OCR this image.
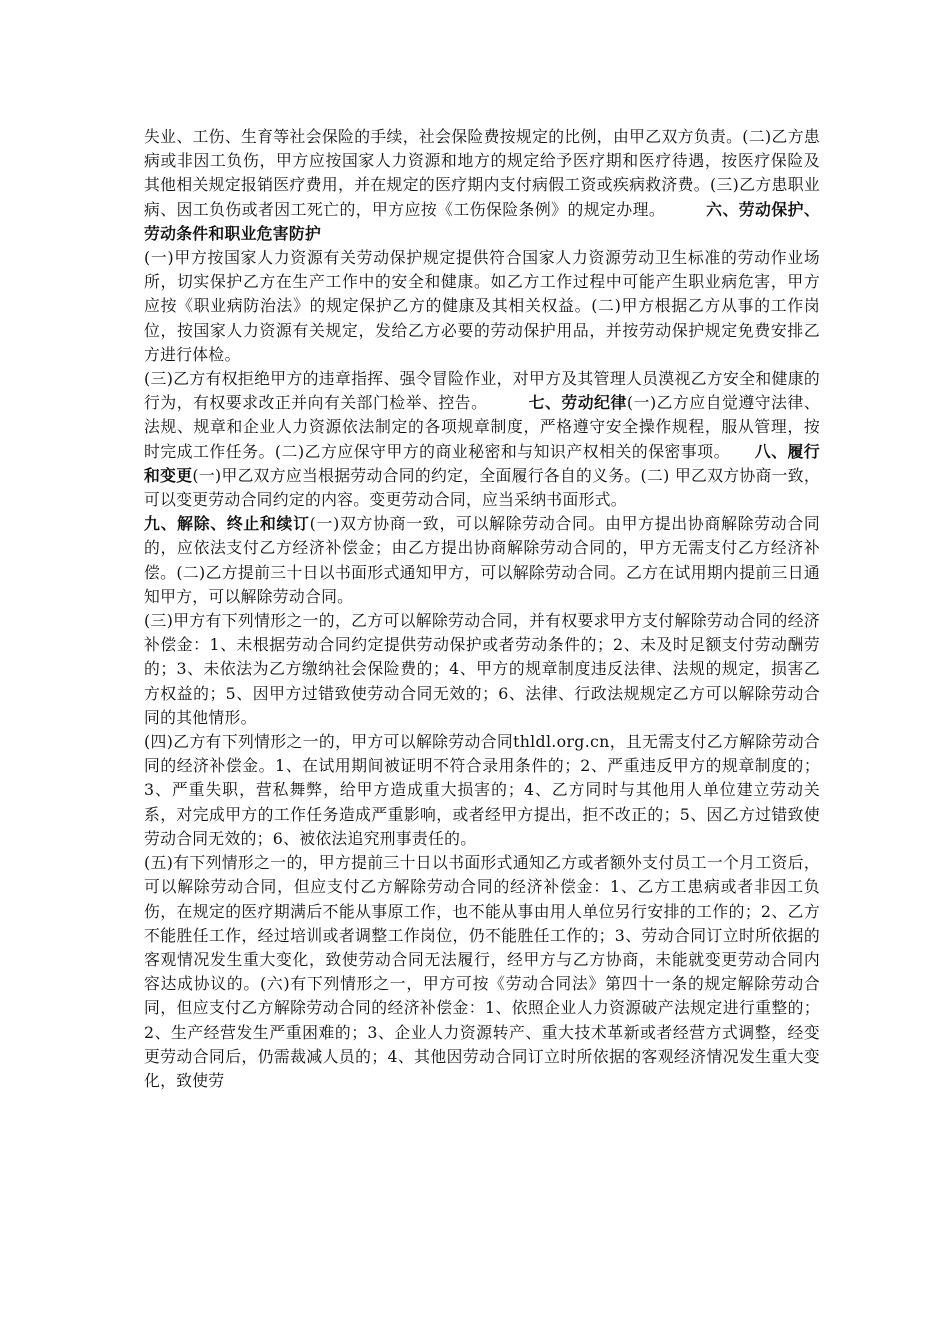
失业、工伤、生育等社会保险的手续，社会保险费按规定的比例，由甲乙双方负责。(二)乙方患病或非因工负伤，甲方应按国家人力资源和地方的规定给予医疗期和医疗待遇，按医疗保险及其他相关规定报销医疗费用，并在规定的医疗期内支付病假工资或疾病救济费。(三)乙方患职业病、因工负伤或者因工死亡的，甲方应按《工伤保险条例》的规定办理。　　　六、劳动保护、劳动条件和职业危害防护

(一)甲方按国家人力资源有关劳动保护规定提供符合国家人力资源劳动卫生标准的劳动作业场所，切实保护乙方在生产工作中的安全和健康。如乙方工作过程中可能产生职业病危害，甲方应按《职业病防治法》的规定保护乙方的健康及其相关权益。(二)甲方根据乙方从事的工作岗位，按国家人力资源有关规定，发给乙方必要的劳动保护用品，并按劳动保护规定免费安排乙方进行体检。

(三)乙方有权拒绝甲方的违章指挥、强令冒险作业，对甲方及其管理人员漠视乙方安全和健康的行为，有权要求改正并向有关部门检举、控告。　　　七、劳动纪律(一)乙方应自觉遵守法律、法规、规章和企业人力资源依法制定的各项规章制度，严格遵守安全操作规程，服从管理，按时完成工作任务。(二)乙方应保守甲方的商业秘密和与知识产权相关的保密事项。　　八、履行和变更(一)甲乙双方应当根据劳动合同的约定，全面履行各自的义务。(二) 甲乙双方协商一致，可以变更劳动合同约定的内容。变更劳动合同，应当采纳书面形式。

九、解除、终止和续订(一)双方协商一致，可以解除劳动合同。由甲方提出协商解除劳动合同的，应依法支付乙方经济补偿金；由乙方提出协商解除劳动合同的，甲方无需支付乙方经济补偿。(二)乙方提前三十日以书面形式通知甲方，可以解除劳动合同。乙方在试用期内提前三日通知甲方，可以解除劳动合同。

(三)甲方有下列情形之一的，乙方可以解除劳动合同，并有权要求甲方支付解除劳动合同的经济补偿金：1、未根据劳动合同约定提供劳动保护或者劳动条件的；2、未及时足额支付劳动酬劳的；3、未依法为乙方缴纳社会保险费的；4、甲方的规章制度违反法律、法规的规定，损害乙方权益的；5、因甲方过错致使劳动合同无效的；6、法律、行政法规规定乙方可以解除劳动合同的其他情形。

(四)乙方有下列情形之一的，甲方可以解除劳动合同thldl.org.cn，且无需支付乙方解除劳动合同的经济补偿金。1、在试用期间被证明不符合录用条件的；2、严重违反甲方的规章制度的；3、严重失职，营私舞弊，给甲方造成重大损害的；4、乙方同时与其他用人单位建立劳动关系，对完成甲方的工作任务造成严重影响，或者经甲方提出，拒不改正的；5、因乙方过错致使劳动合同无效的；6、被依法追究刑事责任的。

(五)有下列情形之一的，甲方提前三十日以书面形式通知乙方或者额外支付员工一个月工资后，可以解除劳动合同，但应支付乙方解除劳动合同的经济补偿金：1、乙方工患病或者非因工负伤，在规定的医疗期满后不能从事原工作，也不能从事由用人单位另行安排的工作的；2、乙方不能胜任工作，经过培训或者调整工作岗位，仍不能胜任工作的；3、劳动合同订立时所依据的客观情况发生重大变化，致使劳动合同无法履行，经甲方与乙方协商，未能就变更劳动合同内容达成协议的。(六)有下列情形之一，甲方可按《劳动合同法》第四十一条的规定解除劳动合同，但应支付乙方解除劳动合同的经济补偿金：1、依照企业人力资源破产法规定进行重整的；2、生产经营发生严重困难的；3、企业人力资源转产、重大技术革新或者经营方式调整，经变更劳动合同后，仍需裁减人员的；4、其他因劳动合同订立时所依据的客观经济情况发生重大变化，致使劳
